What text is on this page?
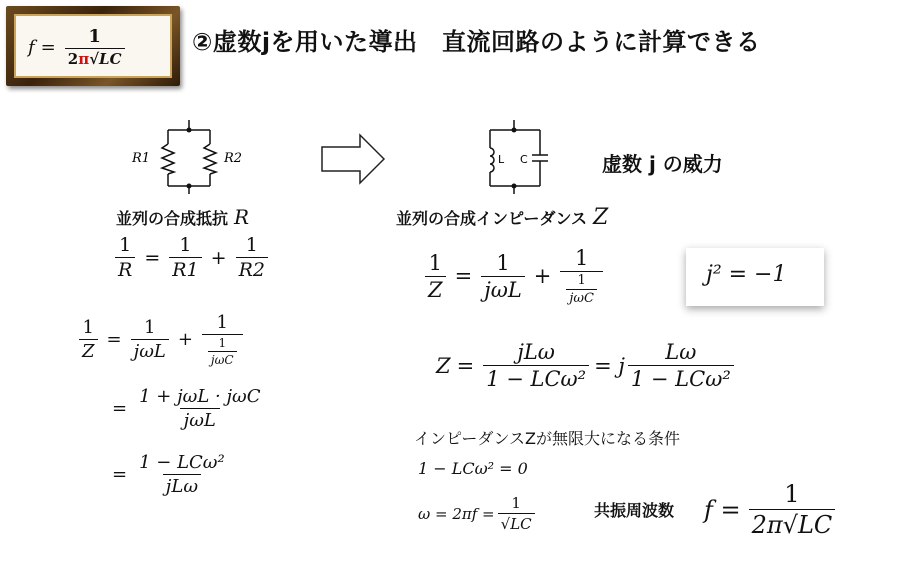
$f = \frac{1}{2\pi√LC}$	②虚数jを用いた導出　直流回路のように計算できる
R1	R2	L C	虚数 j の威力
並列の合成抵抗 R
$\frac{1}{R} = \frac{1}{R1} + \frac{1}{R2}$
$\frac{1}{Z} = \frac{1}{\text{jωL}} + \frac{1}{\frac{1}{\text{jωC}}}$
= $\frac{\text{1 + jωL · jωC}}{\text{jωL}}$
= $\frac{\text{1 − LCω²}}{\text{jLω}}$
並列の合成インピーダンス Z
$\frac{1}{Z} = \frac{1}{\text{jωL}} + \frac{1}{\frac{1}{\text{jωC}}}$	j² = −1
$Z = \frac{\text{jLω}}{\text{1 − LCω²}} = j \frac{L\omega}{\text{1 − LCω²}}$
インピーダンスZが無限大になる条件
1 − LCω² = 0
$\omega = 2\pi f = \frac{1}{√LC}$	共振周波数 $f = \frac{1}{2\pi√LC}$
